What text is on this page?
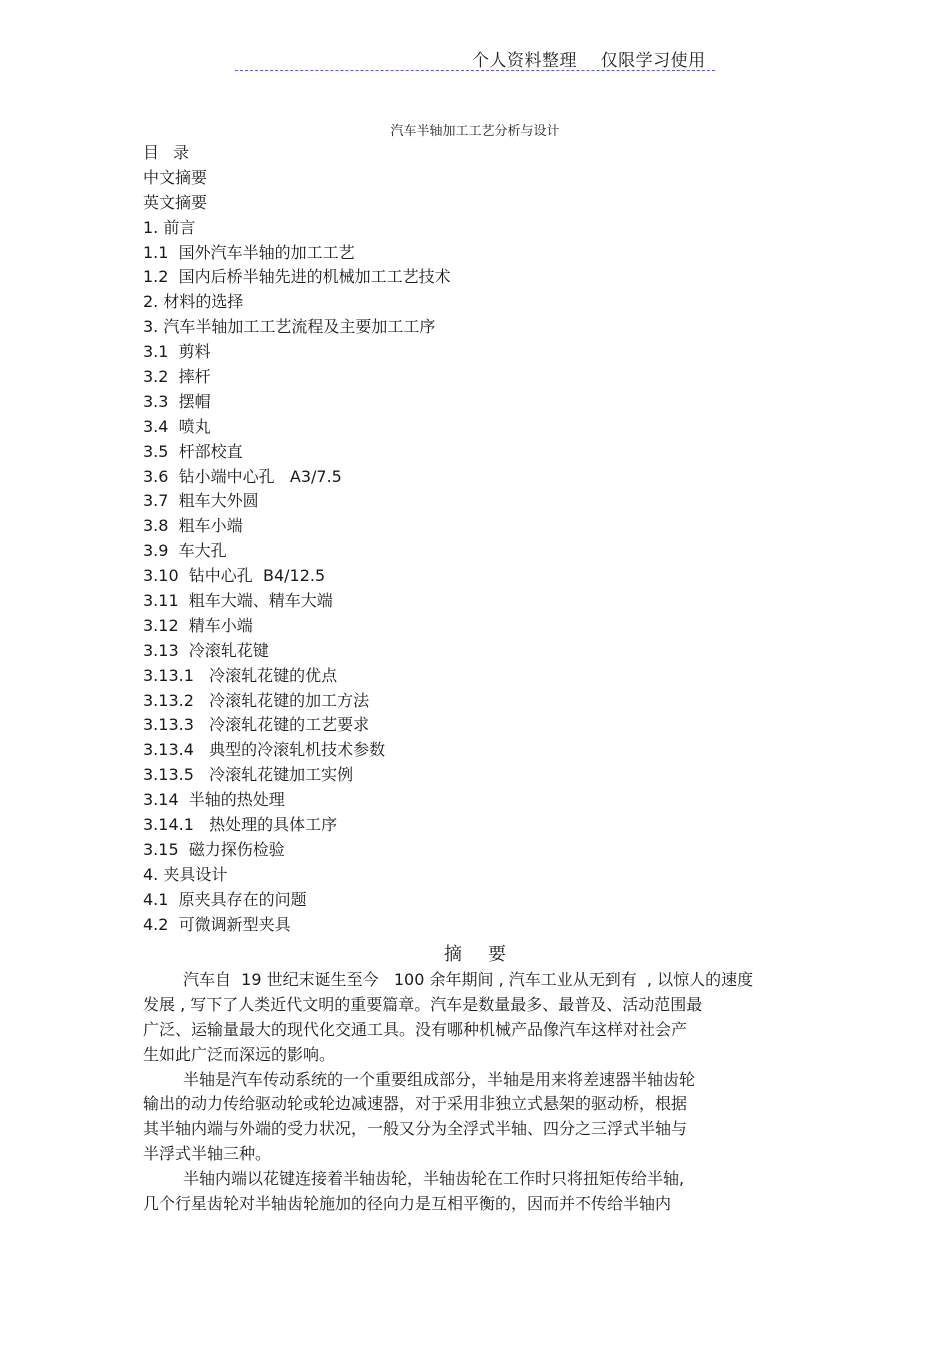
个人资料整理    仅限学习使用
汽车半轴加工工艺分析与设计
目录
中文摘要
英文摘要
1. 前言
1.1  国外汽车半轴的加工工艺
1.2  国内后桥半轴先进的机械加工工艺技术
2. 材料的选择
3. 汽车半轴加工工艺流程及主要加工工序
3.1  剪料
3.2  摔杆
3.3  摆帽
3.4  喷丸
3.5  杆部校直
3.6  钻小端中心孔   A3/7.5
3.7  粗车大外圆
3.8  粗车小端
3.9  车大孔
3.10  钻中心孔  B4/12.5
3.11  粗车大端、精车大端
3.12  精车小端
3.13  冷滚轧花键
3.13.1   冷滚轧花键的优点
3.13.2   冷滚轧花键的加工方法
3.13.3   冷滚轧花键的工艺要求
3.13.4   典型的冷滚轧机技术参数
3.13.5   冷滚轧花键加工实例
3.14  半轴的热处理
3.14.1   热处理的具体工序
3.15  磁力探伤检验
4. 夹具设计
4.1  原夹具存在的问题
4.2  可微调新型夹具
摘要
汽车自  19 世纪末诞生至今   100 余年期间 , 汽车工业从无到有  , 以惊人的速度
发展 , 写下了人类近代文明的重要篇章。汽车是数量最多、最普及、活动范围最
广泛、运输量最大的现代化交通工具。没有哪种机械产品像汽车这样对社会产
生如此广泛而深远的影响。
半轴是汽车传动系统的一个重要组成部分，半轴是用来将差速器半轴齿轮
输出的动力传给驱动轮或轮边减速器，对于采用非独立式悬架的驱动桥，根据
其半轴内端与外端的受力状况，一般又分为全浮式半轴、四分之三浮式半轴与
半浮式半轴三种。
半轴内端以花键连接着半轴齿轮，半轴齿轮在工作时只将扭矩传给半轴,
几个行星齿轮对半轴齿轮施加的径向力是互相平衡的，因而并不传给半轴内
